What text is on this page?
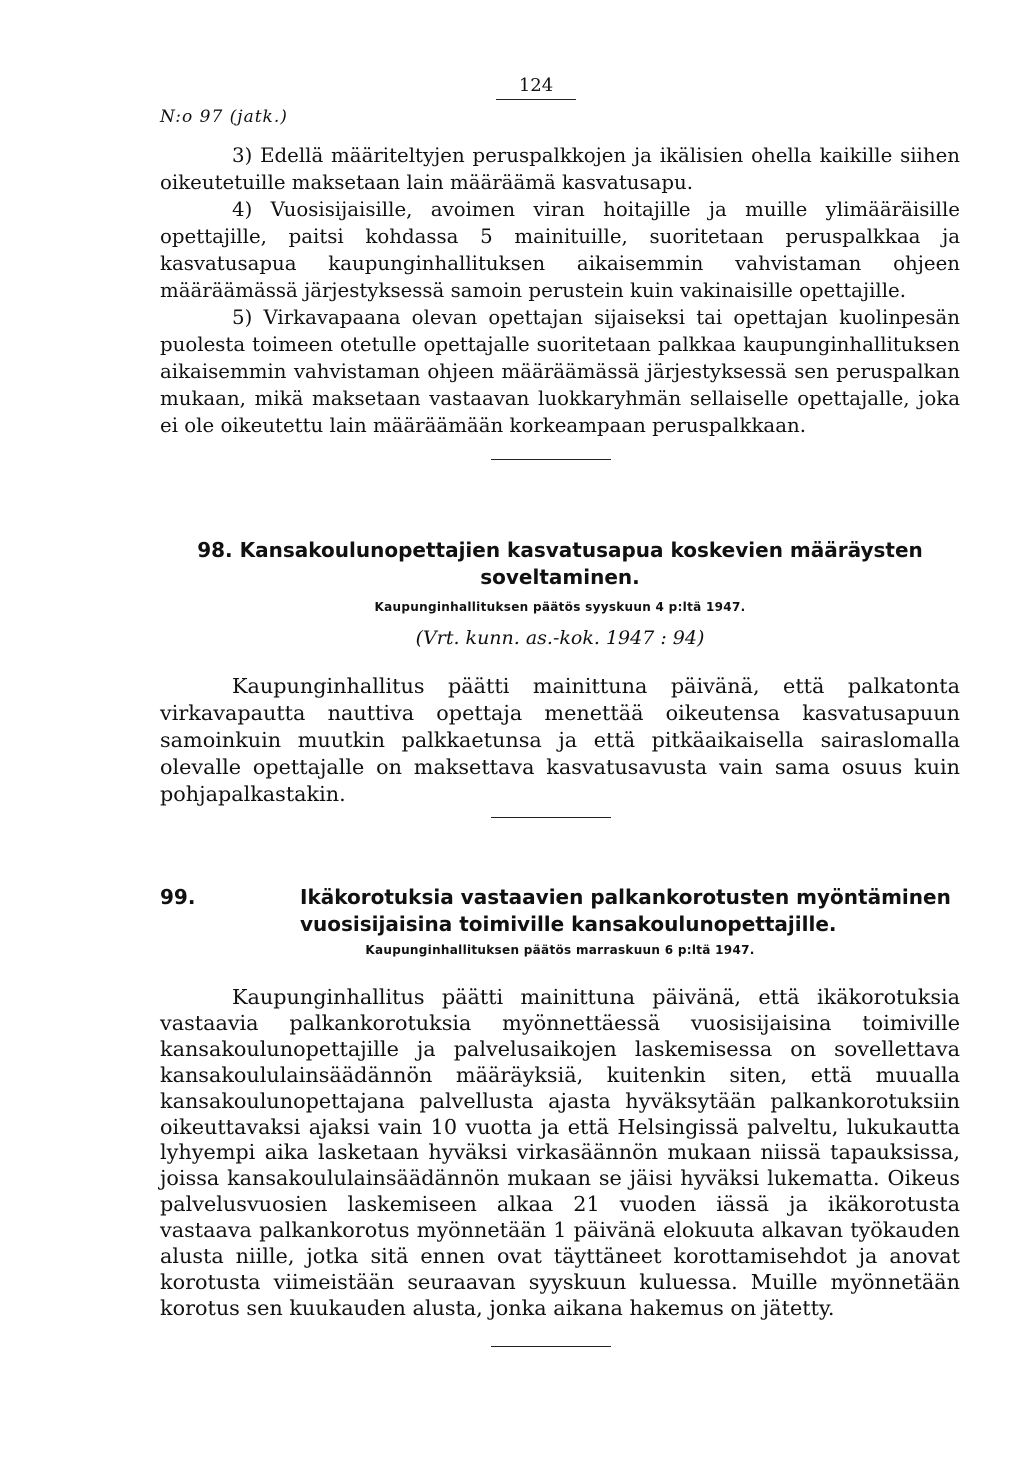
N:o 97 (jatk.)
124

3) Edellä määriteltyjen peruspalkkojen ja ikälisien ohella kaikille siihen oikeutetuille maksetaan lain määräämä kasvatusapu.

4) Vuosisijaisille, avoimen viran hoitajille ja muille ylimääräisille opettajille, paitsi kohdassa 5 mainituille, suoritetaan peruspalkkaa ja kasvatusapua kaupunginhallituksen aikaisemmin vahvistaman ohjeen määräämässä järjestyksessä samoin perustein kuin vakinaisille opettajille.

5) Virkavapaana olevan opettajan sijaiseksi tai opettajan kuolinpesän puolesta toimeen otetulle opettajalle suoritetaan palkkaa kaupunginhallituksen aikaisemmin vahvistaman ohjeen määräämässä järjestyksessä sen peruspalkan mukaan, mikä maksetaan vastaavan luokkaryhmän sellaiselle opettajalle, joka ei ole oikeutettu lain määräämään korkeampaan peruspalkkaan.

98. Kansakoulunopettajien kasvatusapua koskevien määräysten
soveltaminen.
Kaupunginhallituksen päätös syyskuun 4 p:ltä 1947.
(Vrt. kunn. as.-kok. 1947 : 94)

Kaupunginhallitus päätti mainittuna päivänä, että palkatonta virkavapautta nauttiva opettaja menettää oikeutensa kasvatusapuun samoinkuin muutkin palkkaetunsa ja että pitkäaikaisella sairaslomalla olevalle opettajalle on maksettava kasvatusavusta vain sama osuus kuin pohjapalkastakin.

99.	Ikäkorotuksia vastaavien palkankorotusten myöntäminen vuosisijaisina toimiville kansakoulunopettajille.
Kaupunginhallituksen päätös marraskuun 6 p:ltä 1947.

Kaupunginhallitus päätti mainittuna päivänä, että ikäkorotuksia vastaavia palkankorotuksia myönnettäessä vuosisijaisina toimiville kansakoulunopettajille ja palvelusaikojen laskemisessa on sovellettava kansakoululainsäädännön määräyksiä, kuitenkin siten, että muualla kansakoulunopettajana palvellusta ajasta hyväksytään palkankorotuksiin oikeuttavaksi ajaksi vain 10 vuotta ja että Helsingissä palveltu, lukukautta lyhyempi aika lasketaan hyväksi virkasäännön mukaan niissä tapauksissa, joissa kansakoululainsäädännön mukaan se jäisi hyväksi lukematta. Oikeus palvelusvuosien laskemiseen alkaa 21 vuoden iässä ja ikäkorotusta vastaava palkankorotus myönnetään 1 päivänä elokuuta alkavan työkauden alusta niille, jotka sitä ennen ovat täyttäneet korottamisehdot ja anovat korotusta viimeistään seuraavan syyskuun kuluessa. Muille myönnetään korotus sen kuukauden alusta, jonka aikana hakemus on jätetty.
